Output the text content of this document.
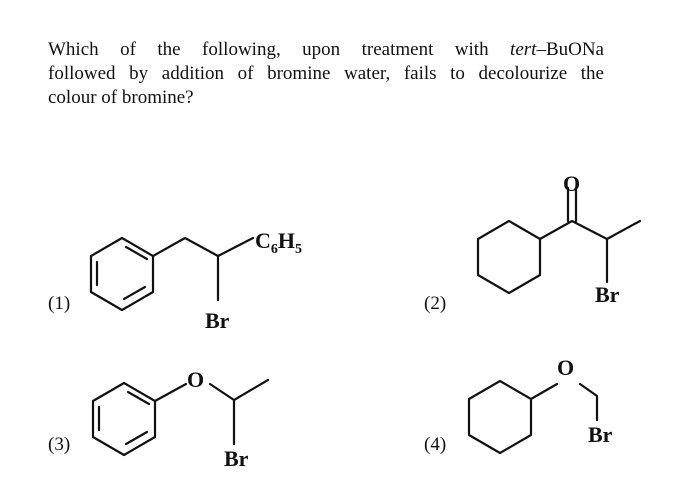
Which of the following, upon treatment with tert–BuONa
followed by addition of bromine water, fails to decolourize the
colour of bromine?

(1)	(2)
(3)	(4)
$C_6H_5$
Br
O
Br
O
Br
O
Br
